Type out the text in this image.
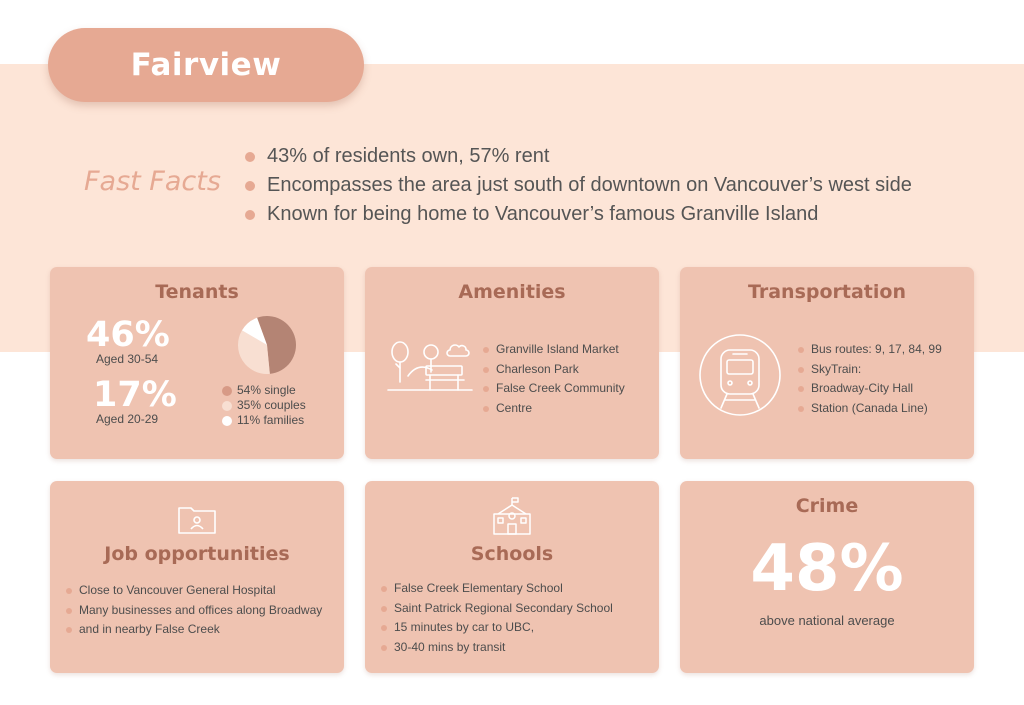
Fairview
Fast Facts
43% of residents own, 57% rent
Encompasses the area just south of downtown on Vancouver’s west side
Known for being home to Vancouver’s famous Granville Island
Tenants
46%
Aged 30-54
17%
Aged 20-29
54% single
35% couples
11% families
Amenities
Granville Island Market
Charleson Park
False Creek Community
Centre
Transportation
Bus routes: 9, 17, 84, 99
SkyTrain:
Broadway-City Hall
Station (Canada Line)
Job opportunities
Close to Vancouver General Hospital
Many businesses and offices along Broadway
and in nearby False Creek
Schools
False Creek Elementary School
Saint Patrick Regional Secondary School
15 minutes by car to UBC,
30-40 mins by transit
Crime
48%
above national average
